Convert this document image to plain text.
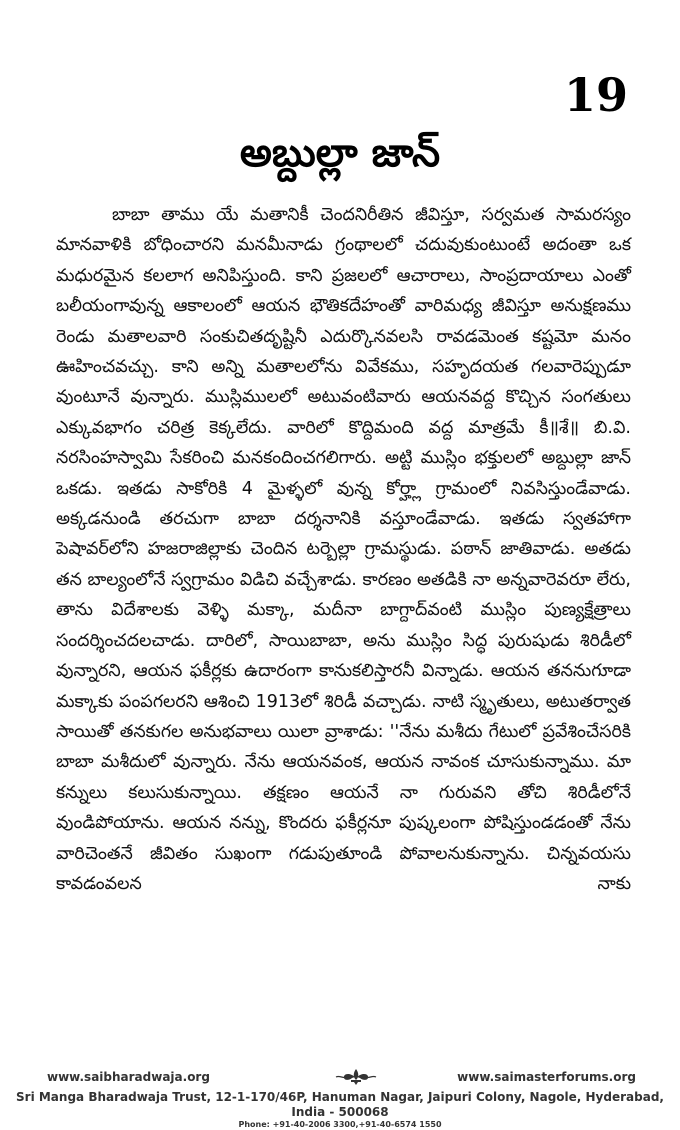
19
అబ్దుల్లా జాన్

బాబా తాము యే మతానికీ చెందనిరీతిన జీవిస్తూ, సర్వమత సామరస్యం మానవాళికి బోధించారని మనమీనాడు గ్రంథాలలో చదువుకుంటుంటే అదంతా ఒక మధురమైన కలలాగ అనిపిస్తుంది. కాని ప్రజలలో ఆచారాలు, సాంప్రదాయాలు ఎంతో బలీయంగావున్న ఆకాలంలో ఆయన భౌతికదేహంతో వారిమధ్య జీవిస్తూ అనుక్షణము రెండు మతాలవారి సంకుచితదృష్టినీ ఎదుర్కొనవలసి రావడమెంత కష్టమో మనం ఊహించవచ్చు. కాని అన్ని మతాలలోను వివేకము, సహృదయత గలవారెప్పుడూ వుంటూనే వున్నారు. ముస్లిములలో అటువంటివారు ఆయనవద్ద కొచ్చిన సంగతులు ఎక్కువభాగం చరిత్ర కెక్కలేదు. వారిలో కొద్దిమంది వద్ద మాత్రమే కీ॥శే॥ బి.వి. నరసింహస్వామి సేకరించి మనకందించగలిగారు. అట్టి ముస్లిం భక్తులలో అబ్దుల్లా జాన్ ఒకడు. ఇతడు సాకోరికి 4 మైళ్ళలో వున్న కోర్హ్లా గ్రామంలో నివసిస్తుండేవాడు. అక్కడనుండి తరచుగా బాబా దర్శనానికి వస్తూండేవాడు. ఇతడు స్వతహాగా పెషావర్‌లోని హజరాజిల్లాకు చెందిన టర్బెల్లా గ్రామస్థుడు. పఠాన్ జాతివాడు. అతడు తన బాల్యంలోనే స్వగ్రామం విడిచి వచ్చేశాడు. కారణం అతడికి నా అన్నవారెవరూ లేరు, తాను విదేశాలకు వెళ్ళి మక్కా, మదీనా బాగ్దాద్‌వంటి ముస్లిం పుణ్యక్షేత్రాలు సందర్శించదలచాడు. దారిలో, సాయిబాబా, అను ముస్లిం సిద్ధ పురుషుడు శిరిడీలో వున్నారని, ఆయన ఫకీర్లకు ఉదారంగా కానుకలిస్తారనీ విన్నాడు. ఆయన తననుగూడా మక్కాకు పంపగలరని ఆశించి 1913లో శిరిడీ వచ్చాడు. నాటి స్మృతులు, అటుతర్వాత సాయితో తనకుగల అనుభవాలు యిలా వ్రాశాడు: ''నేను మశీదు గేటులో ప్రవేశించేసరికి బాబా మశీదులో వున్నారు. నేను ఆయనవంక, ఆయన నావంక చూసుకున్నాము. మా కన్నులు కలుసుకున్నాయి. తక్షణం ఆయనే నా గురువని తోచి శిరిడీలోనే వుండిపోయాను. ఆయన నన్ను, కొందరు ఫకీర్లనూ పుష్కలంగా పోషిస్తుండడంతో నేను వారిచెంతనే జీవితం సుఖంగా గడుపుతూండి పోవాలనుకున్నాను. చిన్నవయసు కావడంవలన నాకు

www.saibharadwaja.org	www.saimasterforums.org
Sri Manga Bharadwaja Trust, 12-1-170/46P, Hanuman Nagar, Jaipuri Colony, Nagole, Hyderabad, India - 500068
Phone: +91-40-2006 3300,+91-40-6574 1550
